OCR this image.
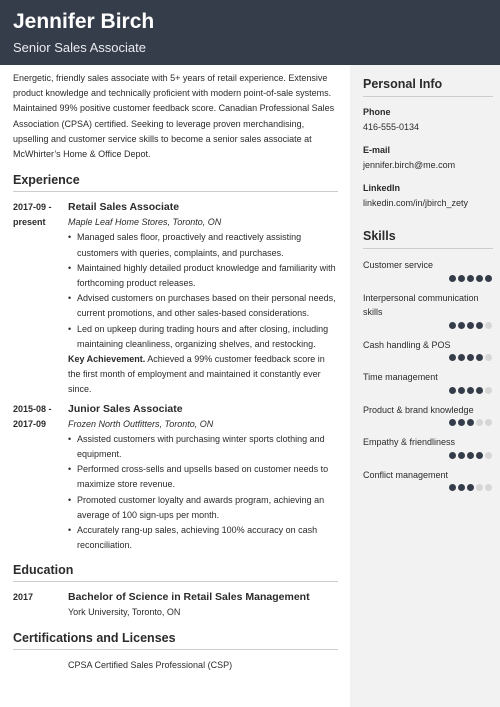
Jennifer Birch
Senior Sales Associate

Energetic, friendly sales associate with 5+ years of retail experience. Extensive product knowledge and technically proficient with modern point-of-sale systems. Maintained 99% positive customer feedback score. Canadian Professional Sales Association (CPSA) certified. Seeking to leverage proven merchandising, upselling and customer service skills to become a senior sales associate at McWhirter’s Home & Office Depot.

Experience
2017-09 -
present
Retail Sales Associate
Maple Leaf Home Stores, Toronto, ON
• Managed sales floor, proactively and reactively assisting customers with queries, complaints, and purchases.
• Maintained highly detailed product knowledge and familiarity with forthcoming product releases.
• Advised customers on purchases based on their personal needs, current promotions, and other sales-based considerations.
• Led on upkeep during trading hours and after closing, including maintaining cleanliness, organizing shelves, and restocking.
Key Achievement. Achieved a 99% customer feedback score in the first month of employment and maintained it constantly ever since.
2015-08 -
2017-09
Junior Sales Associate
Frozen North Outfitters, Toronto, ON
• Assisted customers with purchasing winter sports clothing and equipment.
• Performed cross-sells and upsells based on customer needs to maximize store revenue.
• Promoted customer loyalty and awards program, achieving an average of 100 sign-ups per month.
• Accurately rang-up sales, achieving 100% accuracy on cash reconciliation.
Education
2017	Bachelor of Science in Retail Sales Management
York University, Toronto, ON
Certifications and Licenses
CPSA Certified Sales Professional (CSP)
Personal Info
Phone
416-555-0134
E-mail
jennifer.birch@me.com
LinkedIn
linkedin.com/in/jbirch_zety
Skills
Customer service
Interpersonal communication skills
Cash handling & POS
Time management
Product & brand knowledge
Empathy & friendliness
Conflict management
